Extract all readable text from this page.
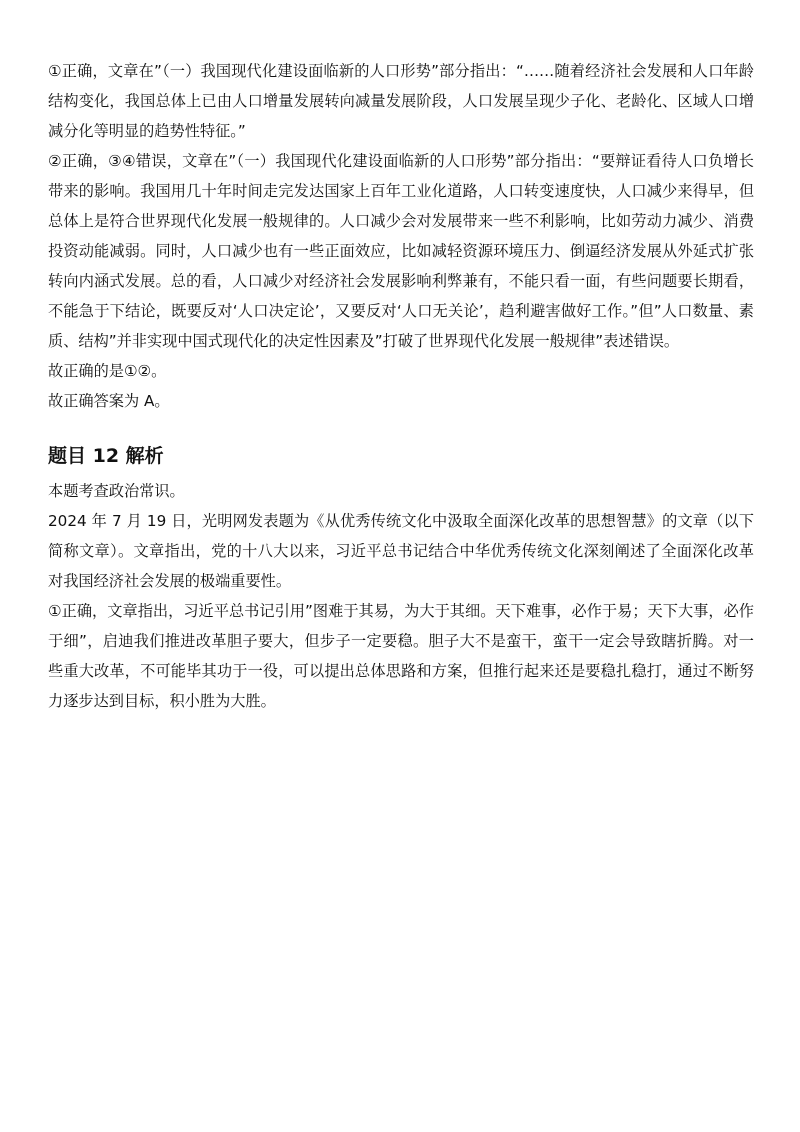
①正确，文章在”（一）我国现代化建设面临新的人口形势”部分指出：“……随着经济社会发展和人口年龄结构变化，我国总体上已由人口增量发展转向减量发展阶段，人口发展呈现少子化、老龄化、区域人口增减分化等明显的趋势性特征。”

②正确，③④错误，文章在”（一）我国现代化建设面临新的人口形势”部分指出：“要辩证看待人口负增长带来的影响。我国用几十年时间走完发达国家上百年工业化道路，人口转变速度快，人口减少来得早，但总体上是符合世界现代化发展一般规律的。人口减少会对发展带来一些不利影响，比如劳动力减少、消费投资动能减弱。同时，人口减少也有一些正面效应，比如减轻资源环境压力、倒逼经济发展从外延式扩张转向内涵式发展。总的看，人口减少对经济社会发展影响利弊兼有，不能只看一面，有些问题要长期看，不能急于下结论，既要反对‘人口决定论’，又要反对‘人口无关论’，趋利避害做好工作。”但”人口数量、素质、结构”并非实现中国式现代化的决定性因素及”打破了世界现代化发展一般规律”表述错误。

故正确的是①②。

故正确答案为 A。

题目 12 解析

本题考查政治常识。

2024 年 7 月 19 日，光明网发表题为《从优秀传统文化中汲取全面深化改革的思想智慧》的文章（以下简称文章）。文章指出，党的十八大以来，习近平总书记结合中华优秀传统文化深刻阐述了全面深化改革对我国经济社会发展的极端重要性。

①正确，文章指出，习近平总书记引用”图难于其易，为大于其细。天下难事，必作于易；天下大事，必作于细”，启迪我们推进改革胆子要大，但步子一定要稳。胆子大不是蛮干，蛮干一定会导致瞎折腾。对一些重大改革，不可能毕其功于一役，可以提出总体思路和方案，但推行起来还是要稳扎稳打，通过不断努力逐步达到目标，积小胜为大胜。
